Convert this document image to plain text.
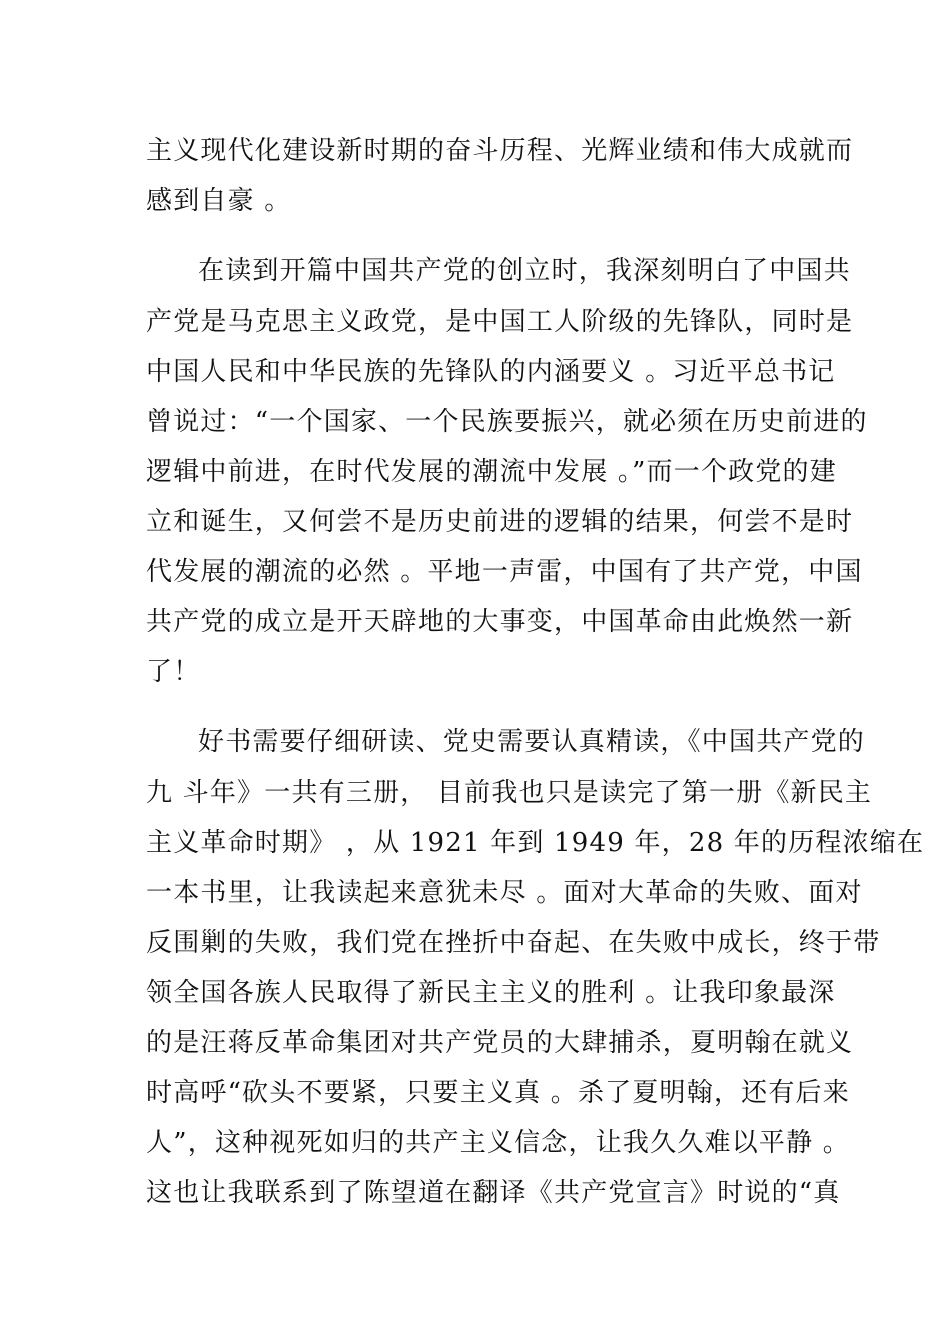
主义现代化建设新时期的奋斗历程、光辉业绩和伟大成就而
感到自豪 。
在读到开篇中国共产党的创立时，我深刻明白了中国共
产党是马克思主义政党，是中国工人阶级的先锋队，同时是
中国人民和中华民族的先锋队的内涵要义 。习近平总书记
曾说过：“一个国家、一个民族要振兴，就必须在历史前进的
逻辑中前进，在时代发展的潮流中发展 。”而一个政党的建
立和诞生，又何尝不是历史前进的逻辑的结果，何尝不是时
代发展的潮流的必然 。平地一声雷，中国有了共产党，中国
共产党的成立是开天辟地的大事变，中国革命由此焕然一新
了！
好书需要仔细研读、党史需要认真精读，《中国共产党的
九 斗年》一共有三册， 目前我也只是读完了第一册《新民主
主义革命时期》 ，从 1921 年到 1949 年，28 年的历程浓缩在
一本书里，让我读起来意犹未尽 。面对大革命的失败、面对
反围剿的失败，我们党在挫折中奋起、在失败中成长，终于带
领全国各族人民取得了新民主主义的胜利 。让我印象最深
的是汪蒋反革命集团对共产党员的大肆捕杀，夏明翰在就义
时高呼“砍头不要紧，只要主义真 。杀了夏明翰，还有后来
人”，这种视死如归的共产主义信念，让我久久难以平静 。
这也让我联系到了陈望道在翻译《共产党宣言》时说的“真
